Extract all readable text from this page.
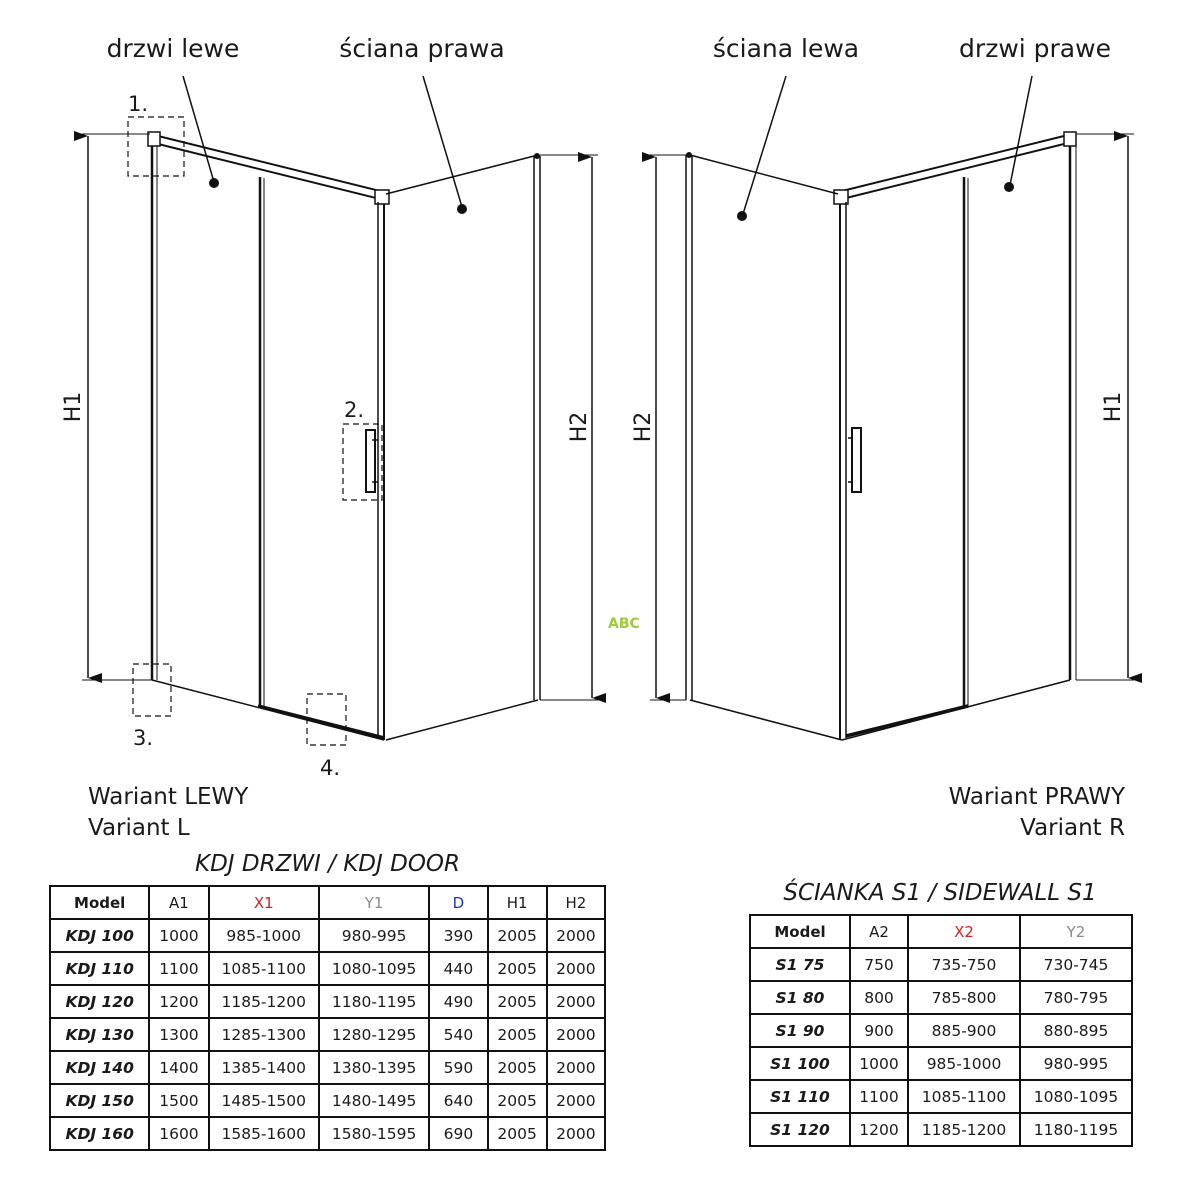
drzwi lewe	ściana prawa	ściana lewa	drzwi prawe
1.
2.
3.
4.
H1
H2 H2
H1
ABC
Wariant LEWY
Variant L
Wariant PRAWY
Variant R
KDJ DRZWI / KDJ DOOR
Model	A1	X1	Y1	D	H1	H2
KDJ 100	1000	985-1000	980-995	390	2005	2000
KDJ 110	1100	1085-1100	1080-1095	440	2005	2000
KDJ 120	1200	1185-1200	1180-1195	490	2005	2000
KDJ 130	1300	1285-1300	1280-1295	540	2005	2000
KDJ 140	1400	1385-1400	1380-1395	590	2005	2000
KDJ 150	1500	1485-1500	1480-1495	640	2005	2000
KDJ 160	1600	1585-1600	1580-1595	690	2005	2000
ŚCIANKA S1 / SIDEWALL S1
Model	A2	X2	Y2
S1 75	750	735-750	730-745
S1 80	800	785-800	780-795
S1 90	900	885-900	880-895
S1 100	1000	985-1000	980-995
S1 110	1100	1085-1100	1080-1095
S1 120	1200	1185-1200	1180-1195
